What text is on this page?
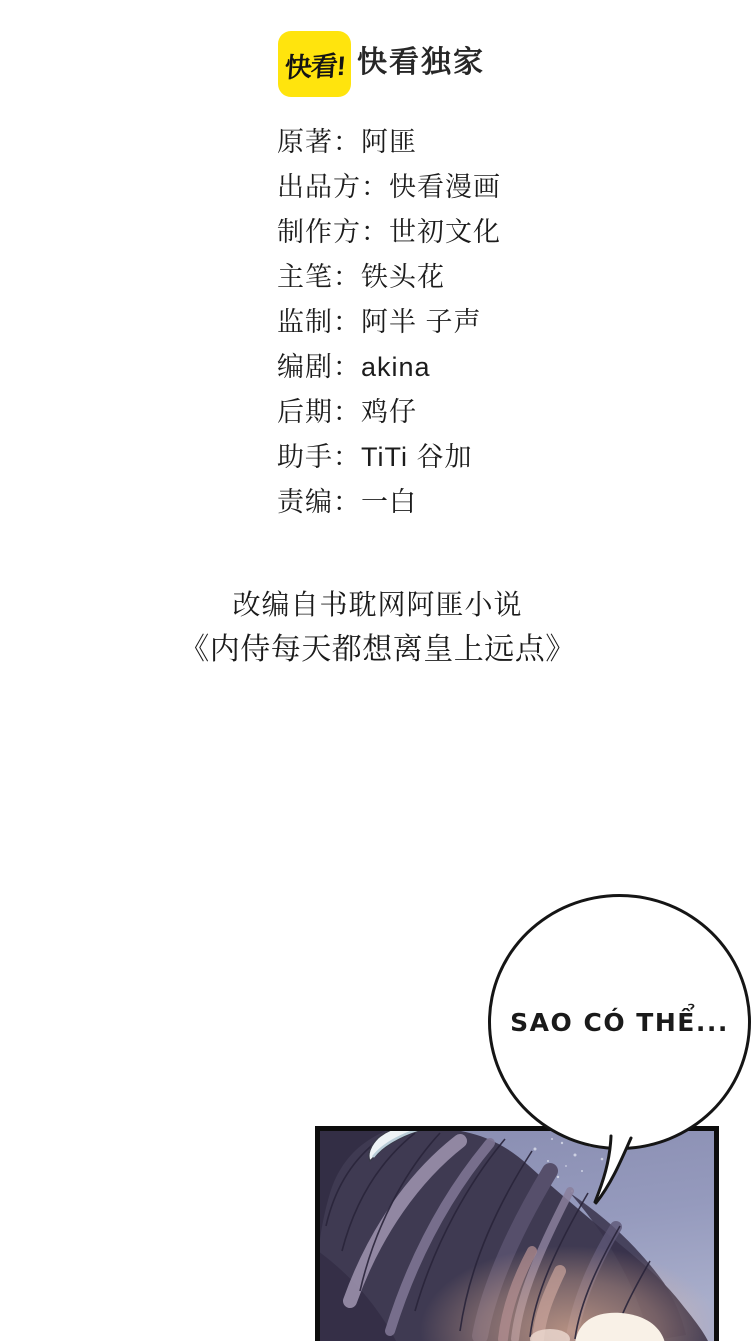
快看! 快看独家
原著：阿匪
出品方：快看漫画
制作方：世初文化
主笔：铁头花
监制：阿半 子声
编剧：akina
后期：鸡仔
助手：TiTi 谷加
责编：一白
改编自书耽网阿匪小说
《内侍每天都想离皇上远点》
SAO CÓ THỂ...
